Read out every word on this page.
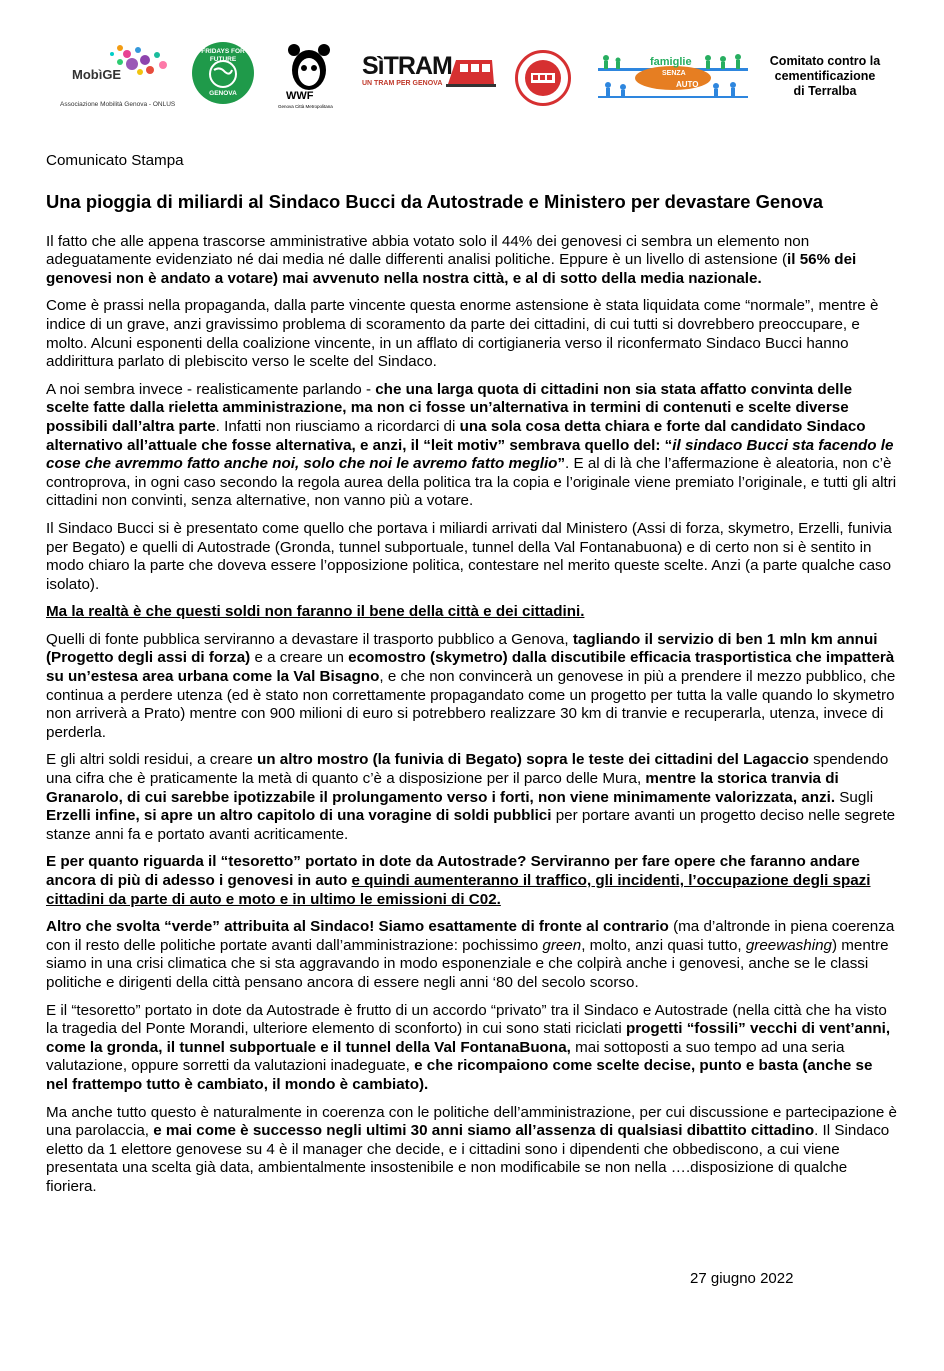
MobìGE
Associazione Mobilità Genova - ONLUS
FRIDAYS FOR FUTURE
GENOVA	WWF
Genova Città Metropolitana
SìTRAM
UN TRAM PER GENOVA
famiglie
SENZA
AUTO
Comitato contro la
cementificazione
di Terralba
Comunicato Stampa
Una pioggia di miliardi al Sindaco Bucci da Autostrade e Ministero per devastare Genova

Il fatto che alle appena trascorse amministrative abbia votato solo il 44% dei genovesi ci sembra un elemento non adeguatamente evidenziato né dai media né dalle differenti analisi politiche. Eppure è un livello di astensione (il 56% dei genovesi non è andato a votare) mai avvenuto nella nostra città, e al di sotto della media nazionale.

Come è prassi nella propaganda, dalla parte vincente questa enorme astensione è stata liquidata come “normale”, mentre è indice di un grave, anzi gravissimo problema di scoramento da parte dei cittadini, di cui tutti si dovrebbero preoccupare, e molto. Alcuni esponenti della coalizione vincente, in un afflato di cortigianeria verso il riconfermato Sindaco Bucci hanno addirittura parlato di plebiscito verso le scelte del Sindaco.

A noi sembra invece - realisticamente parlando - che una larga quota di cittadini non sia stata affatto convinta delle scelte fatte dalla rieletta amministrazione, ma non ci fosse un’alternativa in termini di contenuti e scelte diverse possibili dall’altra parte. Infatti non riusciamo a ricordarci di una sola cosa detta chiara e forte dal candidato Sindaco alternativo all’attuale che fosse alternativa, e anzi, il “leit motiv” sembrava quello del: “il sindaco Bucci sta facendo le cose che avremmo fatto anche noi, solo che noi le avremo fatto meglio”. E al di là che l’affermazione è aleatoria, non c’è controprova, in ogni caso secondo la regola aurea della politica tra la copia e l’originale viene premiato l’originale, e tutti gli altri cittadini non convinti, senza alternative, non vanno più a votare.

Il Sindaco Bucci si è presentato come quello che portava i miliardi arrivati dal Ministero (Assi di forza, skymetro, Erzelli, funivia per Begato) e quelli di Autostrade (Gronda, tunnel subportuale, tunnel della Val Fontanabuona) e di certo non si è sentito in modo chiaro la parte che doveva essere l’opposizione politica, contestare nel merito queste scelte. Anzi (a parte qualche caso isolato).

Ma la realtà è che questi soldi non faranno il bene della città e dei cittadini.

Quelli di fonte pubblica serviranno a devastare il trasporto pubblico a Genova, tagliando il servizio di ben 1 mln km annui (Progetto degli assi di forza) e a creare un ecomostro (skymetro) dalla discutibile efficacia trasportistica che impatterà su un’estesa area urbana come la Val Bisagno, e che non convincerà un genovese in più a prendere il mezzo pubblico, che continua a perdere utenza (ed è stato non correttamente propagandato come un progetto per tutta la valle quando lo skymetro non arriverà a Prato) mentre con 900 milioni di euro si potrebbero realizzare 30 km di tranvie e recuperarla, utenza, invece di perderla.

E gli altri soldi residui, a creare un altro mostro (la funivia di Begato) sopra le teste dei cittadini del Lagaccio spendendo una cifra che è praticamente la metà di quanto c’è a disposizione per il parco delle Mura, mentre la storica tranvia di Granarolo, di cui sarebbe ipotizzabile il prolungamento verso i forti, non viene minimamente valorizzata, anzi. Sugli Erzelli infine, si apre un altro capitolo di una voragine di soldi pubblici per portare avanti un progetto deciso nelle segrete stanze anni fa e portato avanti acriticamente.

E per quanto riguarda il “tesoretto” portato in dote da Autostrade? Serviranno per fare opere che faranno andare ancora di più di adesso i genovesi in auto e quindi aumenteranno il traffico, gli incidenti, l’occupazione degli spazi cittadini da parte di auto e moto e in ultimo le emissioni di C02.

Altro che svolta “verde” attribuita al Sindaco! Siamo esattamente di fronte al contrario (ma d’altronde in piena coerenza con il resto delle politiche portate avanti dall’amministrazione: pochissimo green, molto, anzi quasi tutto, greewashing) mentre siamo in una crisi climatica che si sta aggravando in modo esponenziale e che colpirà anche i genovesi, anche se le classi politiche e dirigenti della città pensano ancora di essere negli anni ‘80 del secolo scorso.

E il “tesoretto” portato in dote da Autostrade è frutto di un accordo “privato” tra il Sindaco e Autostrade (nella città che ha visto la tragedia del Ponte Morandi, ulteriore elemento di sconforto) in cui sono stati riciclati progetti “fossili” vecchi di vent’anni, come la gronda, il tunnel subportuale e il tunnel della Val FontanaBuona, mai sottoposti a suo tempo ad una seria valutazione, oppure sorretti da valutazioni inadeguate, e che ricompaiono come scelte decise, punto e basta (anche se nel frattempo tutto è cambiato, il mondo è cambiato).

Ma anche tutto questo è naturalmente in coerenza con le politiche dell’amministrazione, per cui discussione e partecipazione è una parolaccia, e mai come è successo negli ultimi 30 anni siamo all’assenza di qualsiasi dibattito cittadino. Il Sindaco eletto da 1 elettore genovese su 4 è il manager che decide, e i cittadini sono i dipendenti che obbediscono, a cui viene presentata una scelta già data, ambientalmente insostenibile e non modificabile se non nella ….disposizione di qualche fioriera.

27 giugno 2022
